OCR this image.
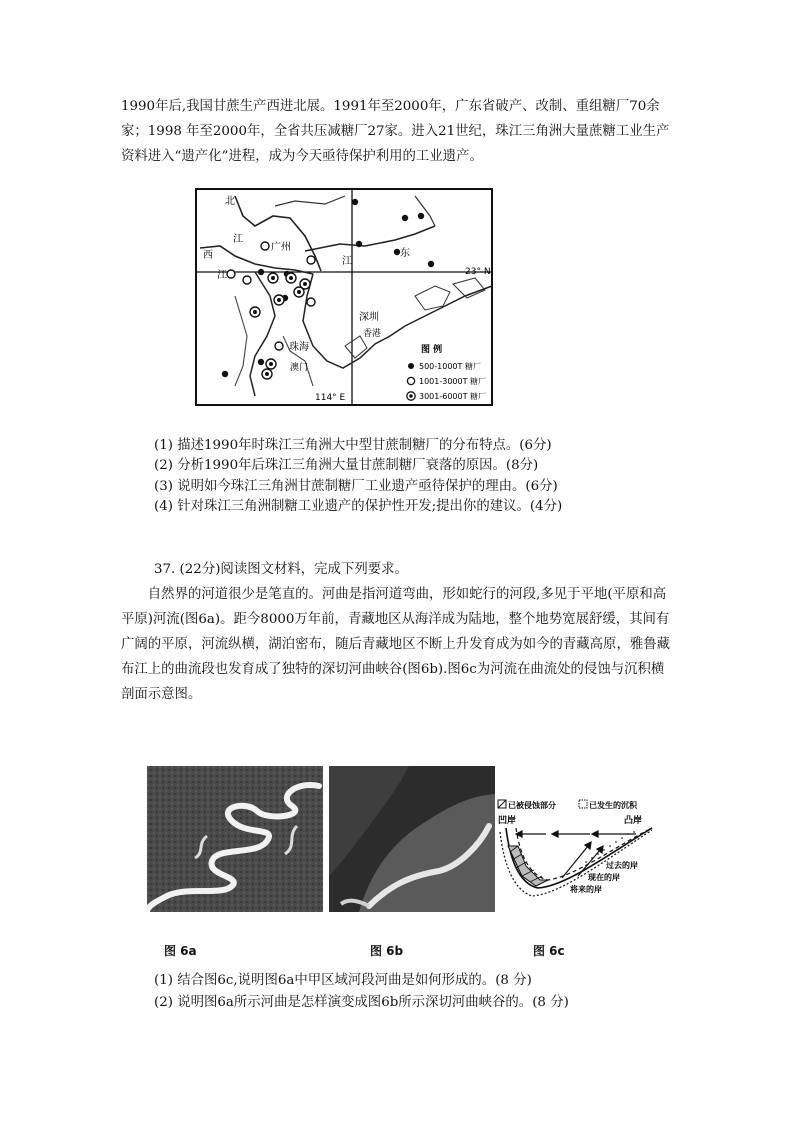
1990年后,我国甘蔗生产西进北展。1991年至2000年，广东省破产、改制、重组糖厂70余家；1998 年至2000年，全省共压减糖厂27家。进入21世纪，珠江三角洲大量蔗糖工业生产资料进入“遗产化”进程，成为今天亟待保护利用的工业遗产。
北
江
西
江
广州
东
江
23° N
深圳
香港
珠海
澳门
114° E
图 例
500-1000T 糖厂
1001-3000T 糖厂
3001-6000T 糖厂
(1) 描述1990年时珠江三角洲大中型甘蔗制糖厂的分布特点。(6分)
(2) 分析1990年后珠江三角洲大量甘蔗制糖厂衰落的原因。(8分)
(3) 说明如今珠江三角洲甘蔗制糖厂工业遗产亟待保护的理由。(6分)
(4) 针对珠江三角洲制糖工业遗产的保护性开发;提出你的建议。(4分)
37. (22分)阅读图文材料，完成下列要求。
自然界的河道很少是笔直的。河曲是指河道弯曲，形如蛇行的河段,多见于平地(平原和高平原)河流(图6a)。距今8000万年前，青藏地区从海洋成为陆地，整个地势宽展舒缓，其间有广阔的平原，河流纵横，湖泊密布，随后青藏地区不断上升发育成为如今的青藏高原，雅鲁藏布江上的曲流段也发育成了独特的深切河曲峡谷(图6b).图6c为河流在曲流处的侵蚀与沉积横剖面示意图。
已被侵蚀部分	已发生的沉积
凹岸	凸岸
过去的岸
现在的岸
将来的岸
图 6a	图 6b	图 6c
(1) 结合图6c,说明图6a中甲区域河段河曲是如何形成的。(8 分)
(2) 说明图6a所示河曲是怎样演变成图6b所示深切河曲峡谷的。(8 分)
